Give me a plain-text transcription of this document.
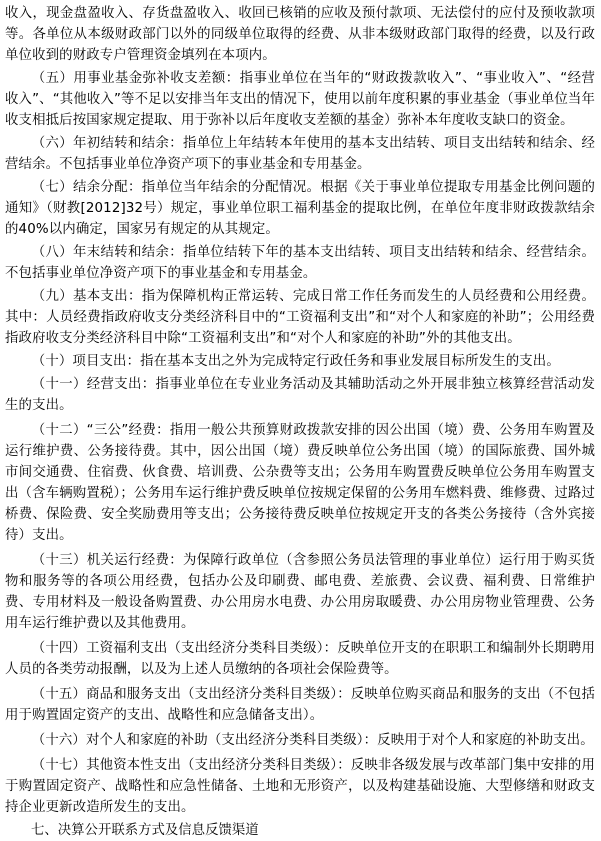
收入，现金盘盈收入、存货盘盈收入、收回已核销的应收及预付款项、无法偿付的应付及预收款项等。各单位从本级财政部门以外的同级单位取得的经费、从非本级财政部门取得的经费，以及行政单位收到的财政专户管理资金填列在本项内。

（五）用事业基金弥补收支差额：指事业单位在当年的“财政拨款收入”、“事业收入”、“经营收入”、“其他收入”等不足以安排当年支出的情况下，使用以前年度积累的事业基金（事业单位当年收支相抵后按国家规定提取、用于弥补以后年度收支差额的基金）弥补本年度收支缺口的资金。

（六）年初结转和结余：指单位上年结转本年使用的基本支出结转、项目支出结转和结余、经营结余。不包括事业单位净资产项下的事业基金和专用基金。

（七）结余分配：指单位当年结余的分配情况。根据《关于事业单位提取专用基金比例问题的通知》（财教[2012]32号）规定，事业单位职工福利基金的提取比例，在单位年度非财政拨款结余的40%以内确定，国家另有规定的从其规定。

（八）年末结转和结余：指单位结转下年的基本支出结转、项目支出结转和结余、经营结余。不包括事业单位净资产项下的事业基金和专用基金。

（九）基本支出：指为保障机构正常运转、完成日常工作任务而发生的人员经费和公用经费。其中：人员经费指政府收支分类经济科目中的“工资福利支出”和“对个人和家庭的补助”；公用经费指政府收支分类经济科目中除“工资福利支出”和“对个人和家庭的补助”外的其他支出。

（十）项目支出：指在基本支出之外为完成特定行政任务和事业发展目标所发生的支出。

（十一）经营支出：指事业单位在专业业务活动及其辅助活动之外开展非独立核算经营活动发生的支出。

（十二）“三公”经费：指用一般公共预算财政拨款安排的因公出国（境）费、公务用车购置及运行维护费、公务接待费。其中，因公出国（境）费反映单位公务出国（境）的国际旅费、国外城市间交通费、住宿费、伙食费、培训费、公杂费等支出；公务用车购置费反映单位公务用车购置支出（含车辆购置税）；公务用车运行维护费反映单位按规定保留的公务用车燃料费、维修费、过路过桥费、保险费、安全奖励费用等支出；公务接待费反映单位按规定开支的各类公务接待（含外宾接待）支出。

（十三）机关运行经费：为保障行政单位（含参照公务员法管理的事业单位）运行用于购买货物和服务等的各项公用经费，包括办公及印刷费、邮电费、差旅费、会议费、福利费、日常维护费、专用材料及一般设备购置费、办公用房水电费、办公用房取暖费、办公用房物业管理费、公务用车运行维护费以及其他费用。

（十四）工资福利支出（支出经济分类科目类级）：反映单位开支的在职职工和编制外长期聘用人员的各类劳动报酬，以及为上述人员缴纳的各项社会保险费等。

（十五）商品和服务支出（支出经济分类科目类级）：反映单位购买商品和服务的支出（不包括用于购置固定资产的支出、战略性和应急储备支出）。

（十六）对个人和家庭的补助（支出经济分类科目类级）：反映用于对个人和家庭的补助支出。

（十七）其他资本性支出（支出经济分类科目类级）：反映非各级发展与改革部门集中安排的用于购置固定资产、战略性和应急性储备、土地和无形资产，以及构建基础设施、大型修缮和财政支持企业更新改造所发生的支出。

七、决算公开联系方式及信息反馈渠道
